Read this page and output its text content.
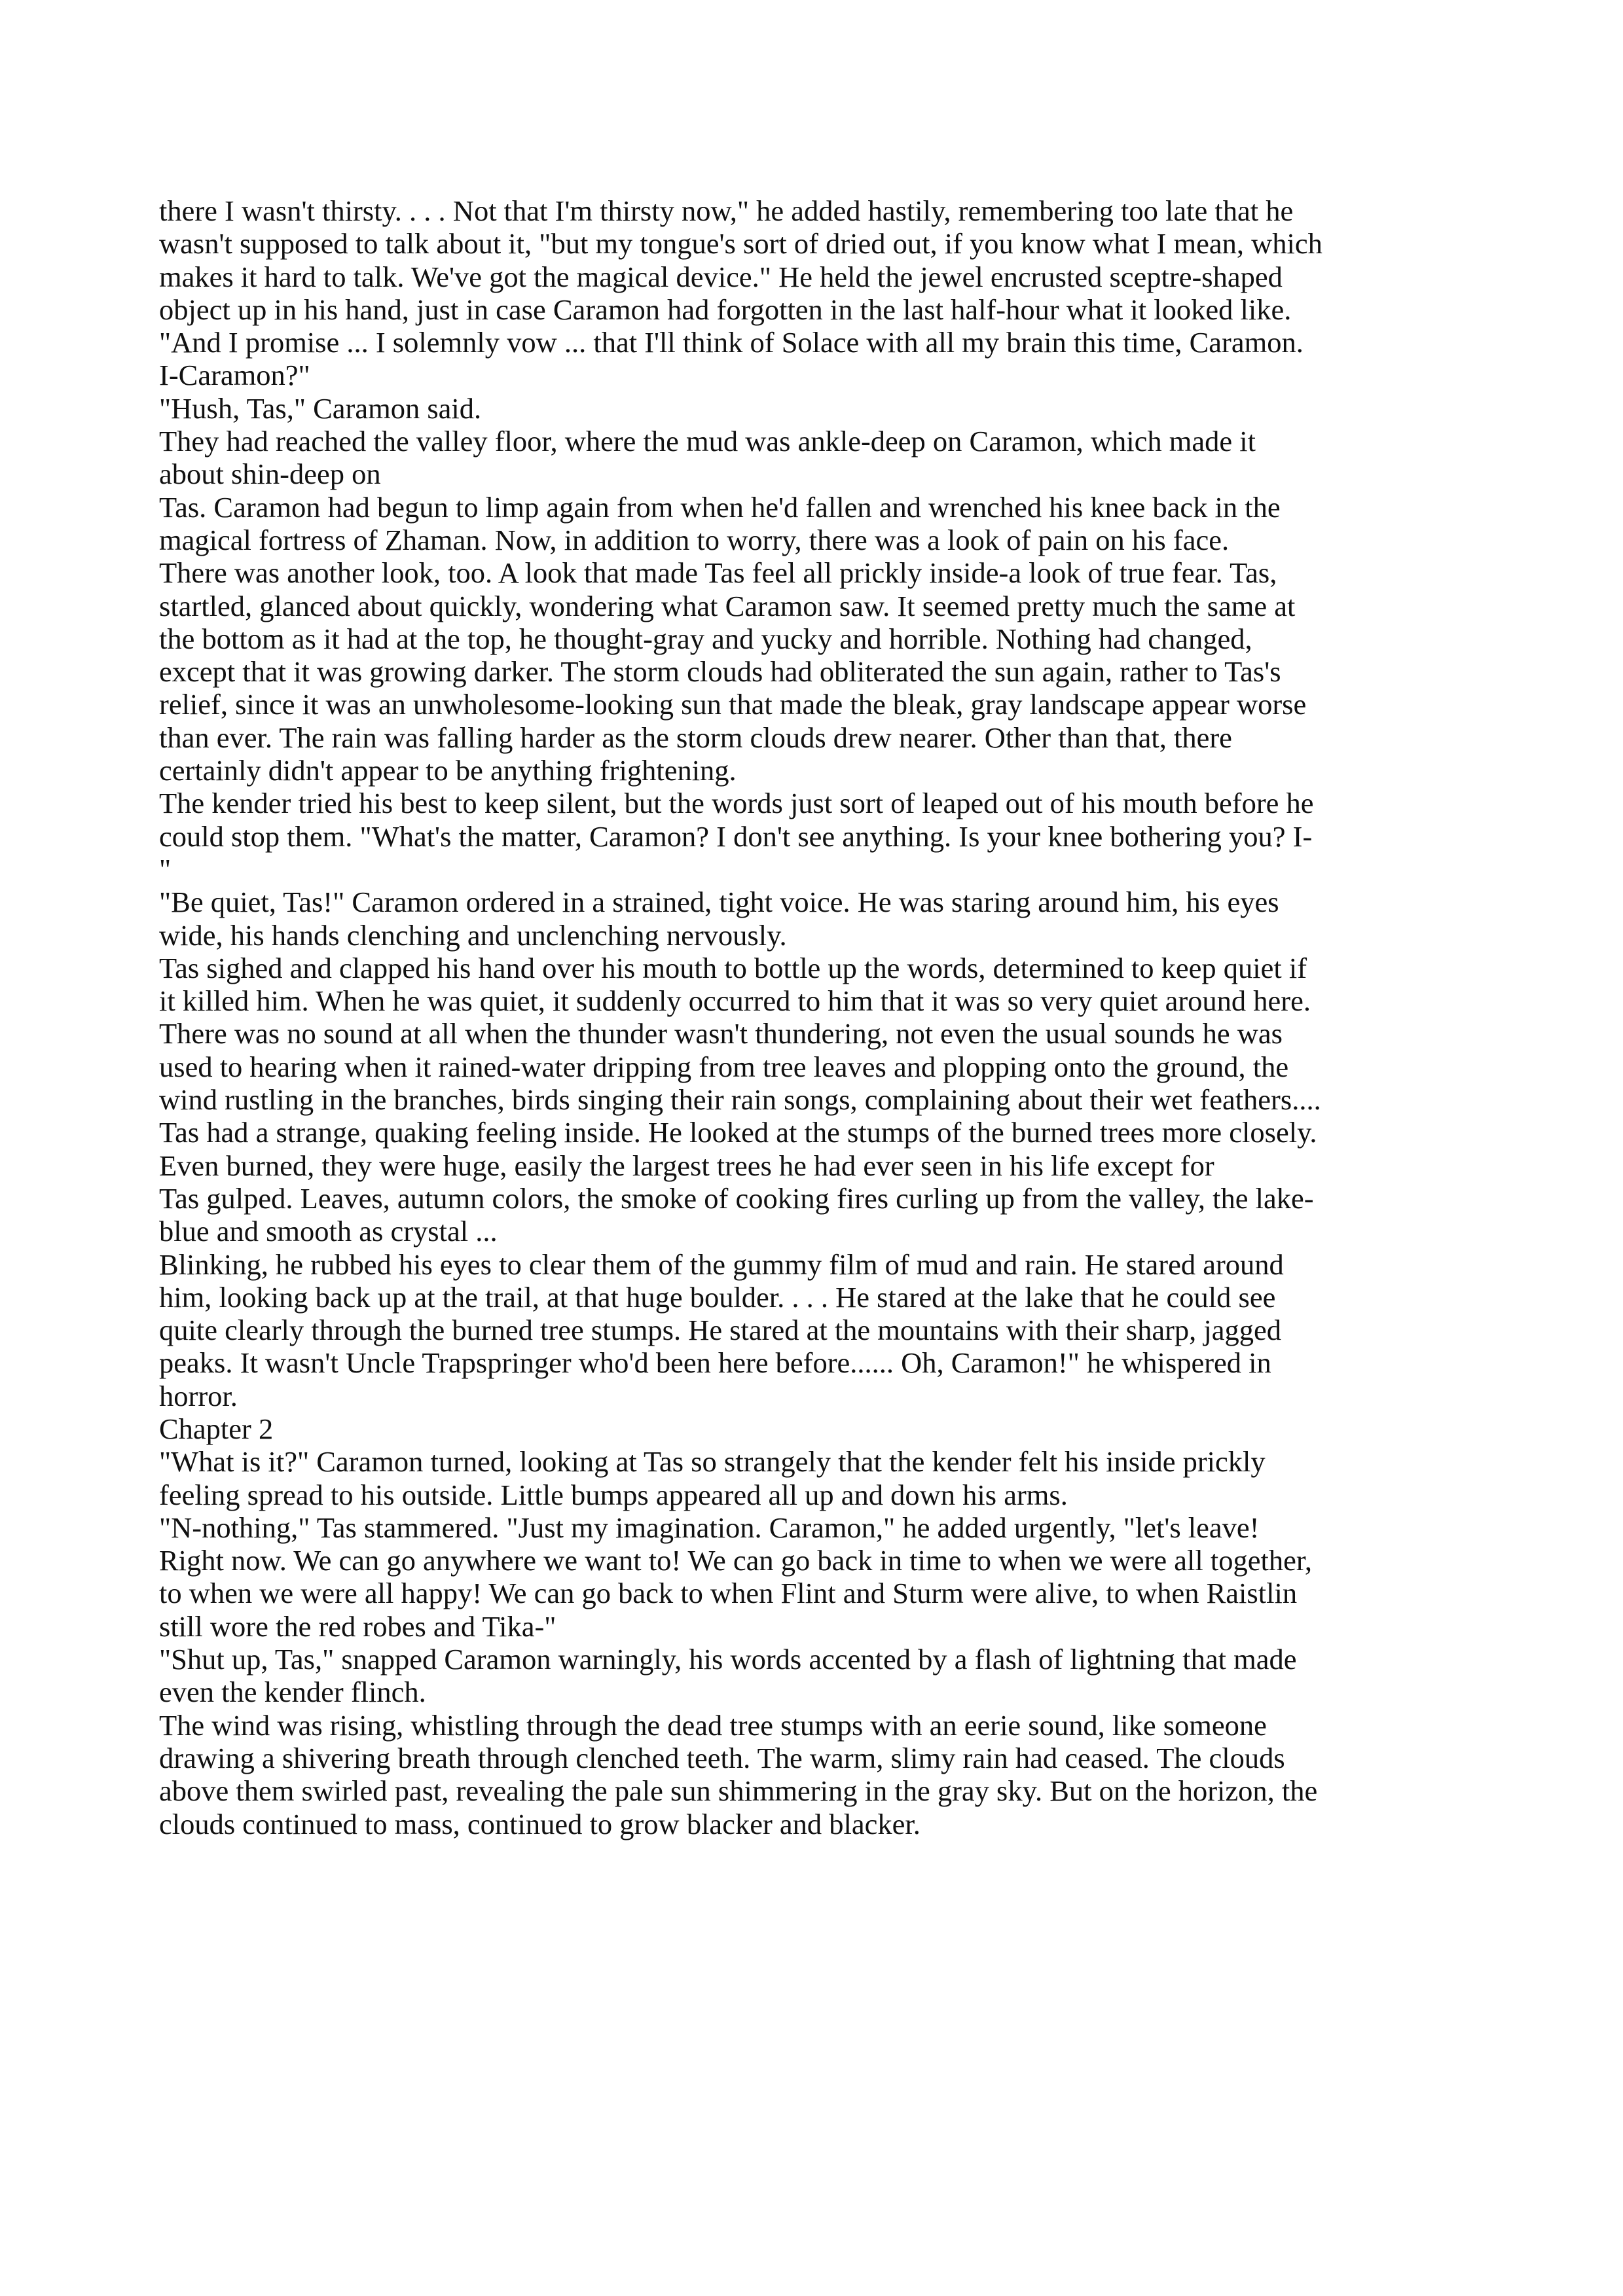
there I wasn't thirsty. . . . Not that I'm thirsty now," he added hastily, remembering too late that he
wasn't supposed to talk about it, "but my tongue's sort of dried out, if you know what I mean, which
makes it hard to talk. We've got the magical device." He held the jewel encrusted sceptre-shaped
object up in his hand, just in case Caramon had forgotten in the last half-hour what it looked like.
"And I promise ... I solemnly vow ... that I'll think of Solace with all my brain this time, Caramon.
I-Caramon?"
"Hush, Tas," Caramon said.
They had reached the valley floor, where the mud was ankle-deep on Caramon, which made it
about shin-deep on
Tas. Caramon had begun to limp again from when he'd fallen and wrenched his knee back in the
magical fortress of Zhaman. Now, in addition to worry, there was a look of pain on his face.
There was another look, too. A look that made Tas feel all prickly inside-a look of true fear. Tas,
startled, glanced about quickly, wondering what Caramon saw. It seemed pretty much the same at
the bottom as it had at the top, he thought-gray and yucky and horrible. Nothing had changed,
except that it was growing darker. The storm clouds had obliterated the sun again, rather to Tas's
relief, since it was an unwholesome-looking sun that made the bleak, gray landscape appear worse
than ever. The rain was falling harder as the storm clouds drew nearer. Other than that, there
certainly didn't appear to be anything frightening.
The kender tried his best to keep silent, but the words just sort of leaped out of his mouth before he
could stop them. "What's the matter, Caramon? I don't see anything. Is your knee bothering you? I-
"
"Be quiet, Tas!" Caramon ordered in a strained, tight voice. He was staring around him, his eyes
wide, his hands clenching and unclenching nervously.
Tas sighed and clapped his hand over his mouth to bottle up the words, determined to keep quiet if
it killed him. When he was quiet, it suddenly occurred to him that it was so very quiet around here.
There was no sound at all when the thunder wasn't thundering, not even the usual sounds he was
used to hearing when it rained-water dripping from tree leaves and plopping onto the ground, the
wind rustling in the branches, birds singing their rain songs, complaining about their wet feathers....
Tas had a strange, quaking feeling inside. He looked at the stumps of the burned trees more closely.
Even burned, they were huge, easily the largest trees he had ever seen in his life except for
Tas gulped. Leaves, autumn colors, the smoke of cooking fires curling up from the valley, the lake-
blue and smooth as crystal ...
Blinking, he rubbed his eyes to clear them of the gummy film of mud and rain. He stared around
him, looking back up at the trail, at that huge boulder. . . . He stared at the lake that he could see
quite clearly through the burned tree stumps. He stared at the mountains with their sharp, jagged
peaks. It wasn't Uncle Trapspringer who'd been here before...... Oh, Caramon!" he whispered in
horror.
Chapter 2
"What is it?" Caramon turned, looking at Tas so strangely that the kender felt his inside prickly
feeling spread to his outside. Little bumps appeared all up and down his arms.
"N-nothing," Tas stammered. "Just my imagination. Caramon," he added urgently, "let's leave!
Right now. We can go anywhere we want to! We can go back in time to when we were all together,
to when we were all happy! We can go back to when Flint and Sturm were alive, to when Raistlin
still wore the red robes and Tika-"
"Shut up, Tas," snapped Caramon warningly, his words accented by a flash of lightning that made
even the kender flinch.
The wind was rising, whistling through the dead tree stumps with an eerie sound, like someone
drawing a shivering breath through clenched teeth. The warm, slimy rain had ceased. The clouds
above them swirled past, revealing the pale sun shimmering in the gray sky. But on the horizon, the
clouds continued to mass, continued to grow blacker and blacker.
